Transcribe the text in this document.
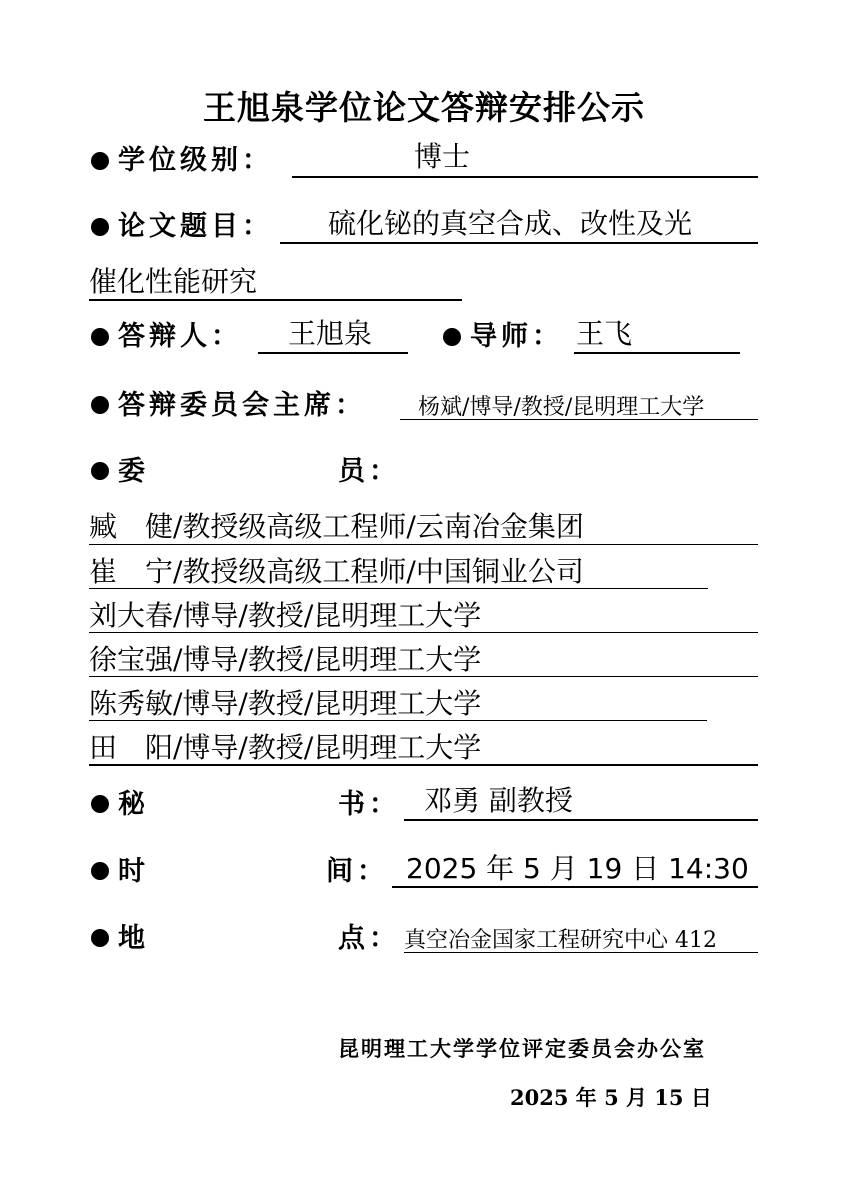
王旭泉学位论文答辩安排公示
学位级别：	博士
论文题目： 硫化铋的真空合成、改性及光
催化性能研究
答辩人： 王旭泉	导师： 王飞
答辩委员会主席： 杨斌/博导/教授/昆明理工大学
委	员：
臧　健/教授级高级工程师/云南冶金集团
崔　宁/教授级高级工程师/中国铜业公司
刘大春/博导/教授/昆明理工大学
徐宝强/博导/教授/昆明理工大学
陈秀敏/博导/教授/昆明理工大学
田　阳/博导/教授/昆明理工大学
秘	书： 邓勇 副教授
时	间： 2025 年 5 月 19 日 14:30
地	点： 真空冶金国家工程研究中心 412
昆明理工大学学位评定委员会办公室
2025 年 5 月 15 日
